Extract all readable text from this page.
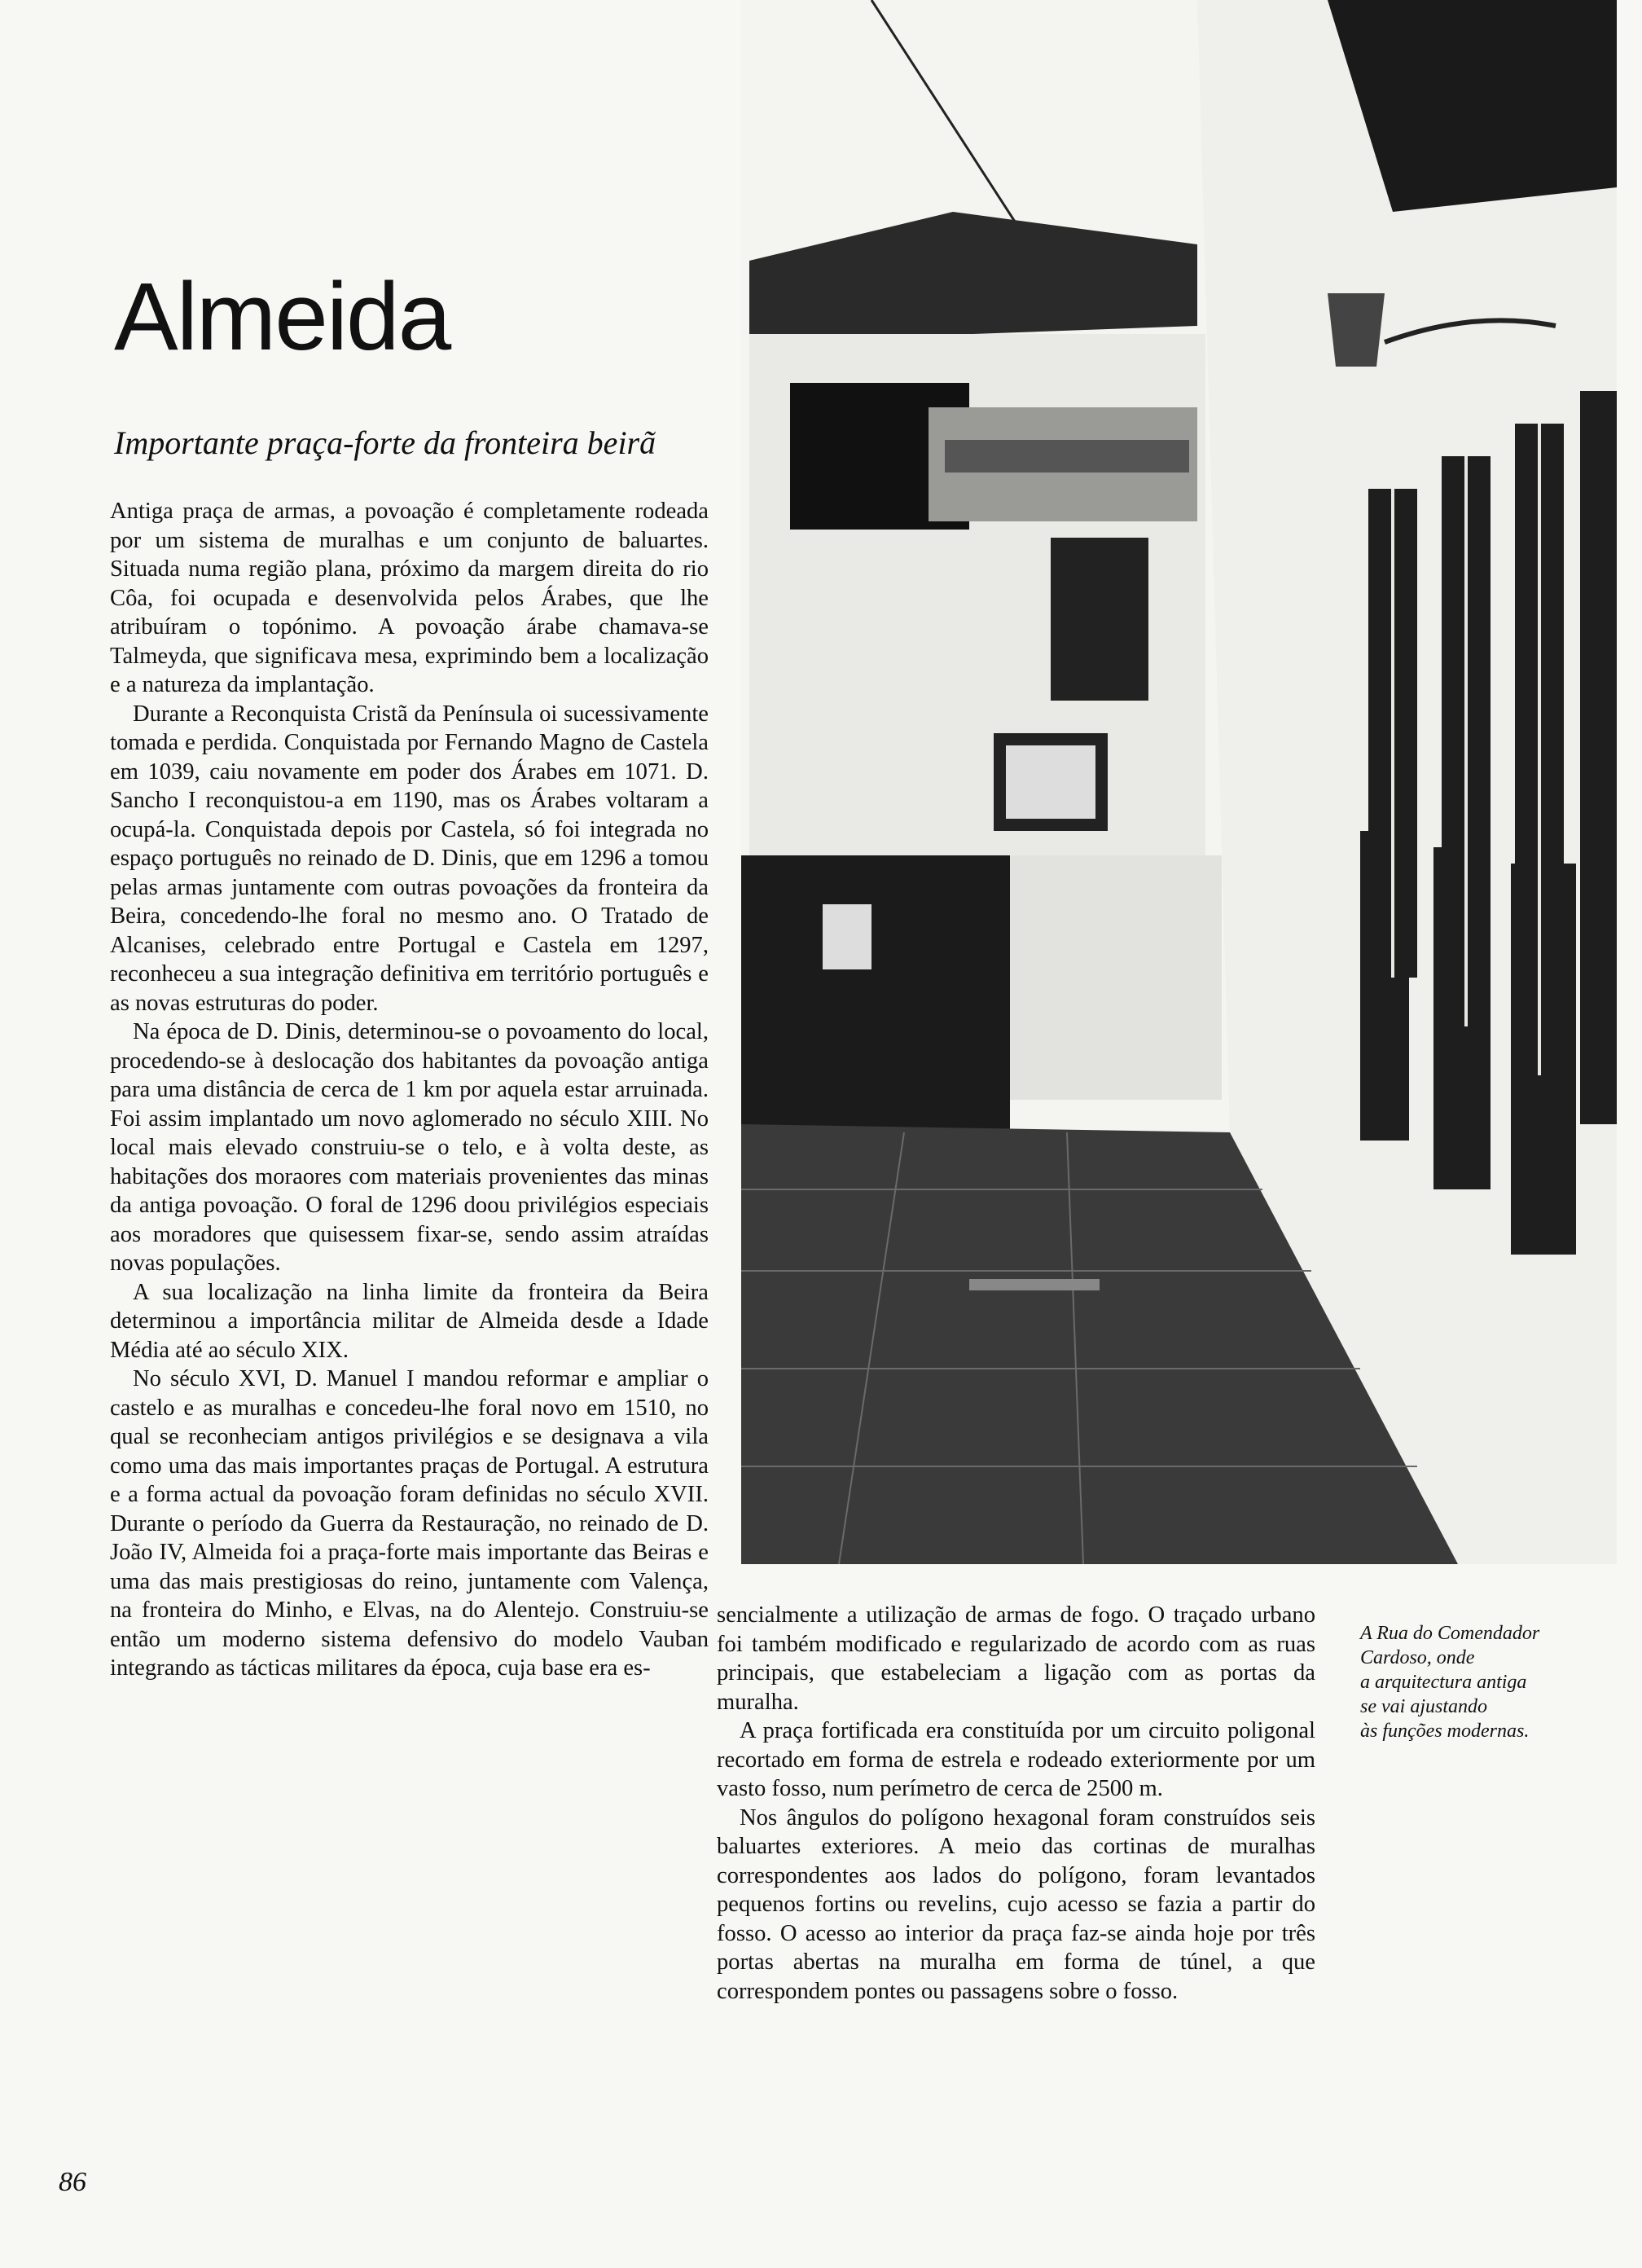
Almeida
Importante praça-forte da fronteira beirã

Antiga praça de armas, a povoação é completamente rodeada por um sistema de muralhas e um conjunto de baluartes. Situada numa região plana, próximo da margem direita do rio Côa, foi ocupada e desenvolvida pelos Árabes, que lhe atribuíram o topónimo. A povoação árabe chamava-se Talmeyda, que significava mesa, exprimindo bem a localização e a natureza da implantação.

Durante a Reconquista Cristã da Península oi sucessivamente tomada e perdida. Conquistada por Fernando Magno de Castela em 1039, caiu novamente em poder dos Árabes em 1071. D. Sancho I reconquistou-a em 1190, mas os Árabes voltaram a ocupá-la. Conquistada depois por Castela, só foi integrada no espaço português no reinado de D. Dinis, que em 1296 a tomou pelas armas juntamente com outras povoações da fronteira da Beira, concedendo-lhe foral no mesmo ano. O Tratado de Alcanises, celebrado entre Portugal e Castela em 1297, reconheceu a sua integração definitiva em território português e as novas estruturas do poder.

Na época de D. Dinis, determinou-se o povoamento do local, procedendo-se à deslocação dos habitantes da povoação antiga para uma distância de cerca de 1 km por aquela estar arruinada. Foi assim implantado um novo aglomerado no século XIII. No local mais elevado construiu-se o telo, e à volta deste, as habitações dos moraores com materiais provenientes das minas da antiga povoação. O foral de 1296 doou privilégios especiais aos moradores que quisessem fixar-se, sendo assim atraídas novas populações.

A sua localização na linha limite da fronteira da Beira determinou a importância militar de Almeida desde a Idade Média até ao século XIX.

No século XVI, D. Manuel I mandou reformar e ampliar o castelo e as muralhas e concedeu-lhe foral novo em 1510, no qual se reconheciam antigos privilégios e se designava a vila como uma das mais importantes praças de Portugal. A estrutura e a forma actual da povoação foram definidas no século XVII. Durante o período da Guerra da Restauração, no reinado de D. João IV, Almeida foi a praça-forte mais importante das Beiras e uma das mais prestigiosas do reino, juntamente com Valença, na fronteira do Minho, e Elvas, na do Alentejo. Construiu-se então um moderno sistema defensivo do modelo Vauban integrando as tácticas militares da época, cuja base era es-

sencialmente a utilização de armas de fogo. O traçado urbano foi também modificado e regularizado de acordo com as ruas principais, que estabeleciam a ligação com as portas da muralha.

A praça fortificada era constituída por um circuito poligonal recortado em forma de estrela e rodeado exteriormente por um vasto fosso, num perímetro de cerca de 2500 m.

Nos ângulos do polígono hexagonal foram construídos seis baluartes exteriores. A meio das cortinas de muralhas correspondentes aos lados do polígono, foram levantados pequenos fortins ou revelins, cujo acesso se fazia a partir do fosso. O acesso ao interior da praça faz-se ainda hoje por três portas abertas na muralha em forma de túnel, a que correspondem pontes ou passagens sobre o fosso.

A Rua do Comendador
Cardoso, onde
a arquitectura antiga
se vai ajustando
às funções modernas.
86
